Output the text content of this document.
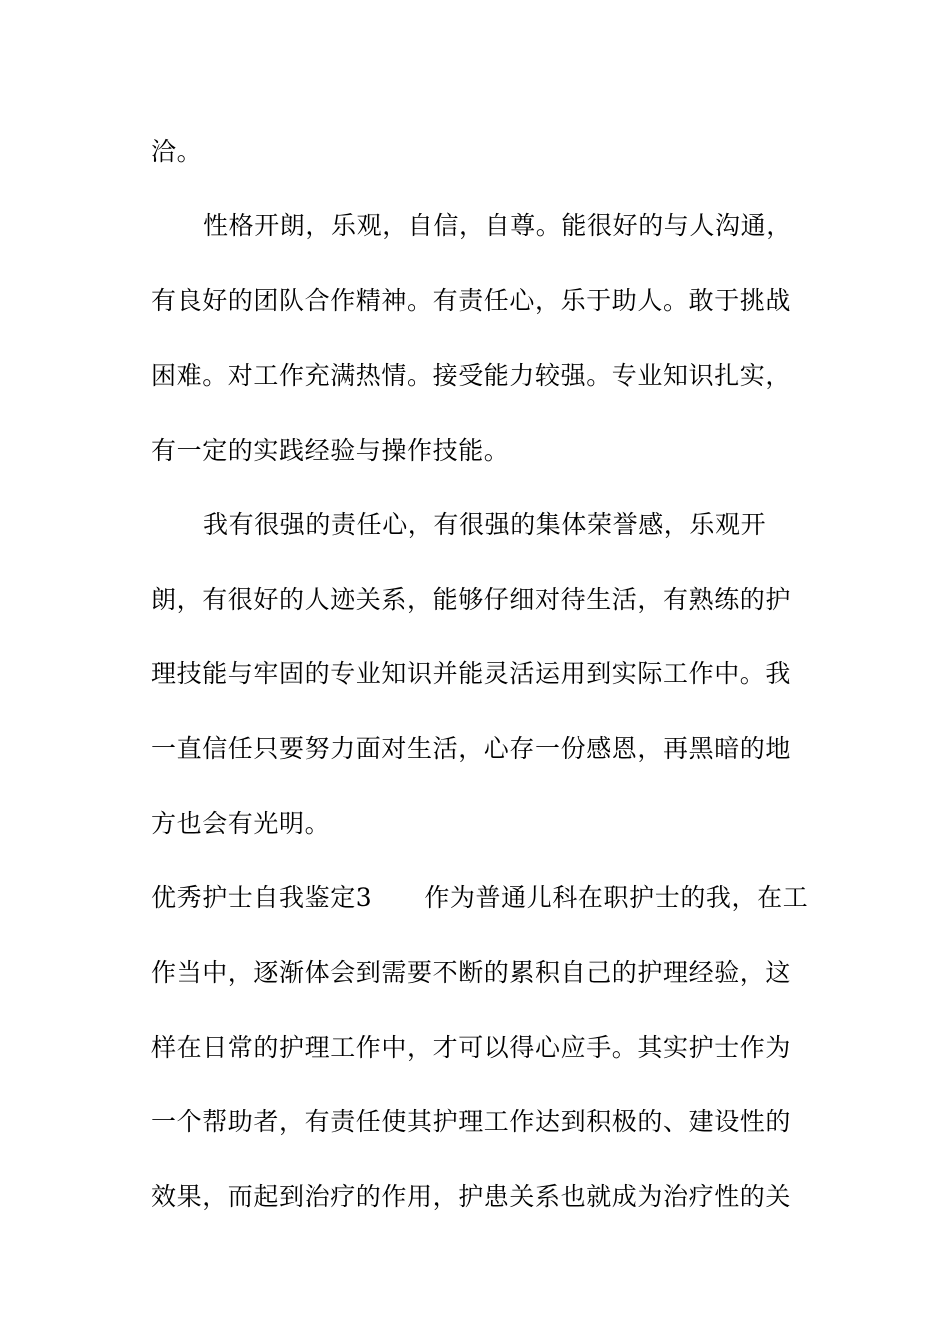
洽。
性格开朗，乐观，自信，自尊。能很好的与人沟通，
有良好的团队合作精神。有责任心，乐于助人。敢于挑战
困难。对工作充满热情。接受能力较强。专业知识扎实，
有一定的实践经验与操作技能。
我有很强的责任心，有很强的集体荣誉感，乐观开
朗，有很好的人迹关系，能够仔细对待生活，有熟练的护
理技能与牢固的专业知识并能灵活运用到实际工作中。我
一直信任只要努力面对生活，心存一份感恩，再黑暗的地
方也会有光明。
优秀护士自我鉴定3 作为普通儿科在职护士的我，在工
作当中，逐渐体会到需要不断的累积自己的护理经验，这
样在日常的护理工作中，才可以得心应手。其实护士作为
一个帮助者，有责任使其护理工作达到积极的、建设性的
效果，而起到治疗的作用，护患关系也就成为治疗性的关
